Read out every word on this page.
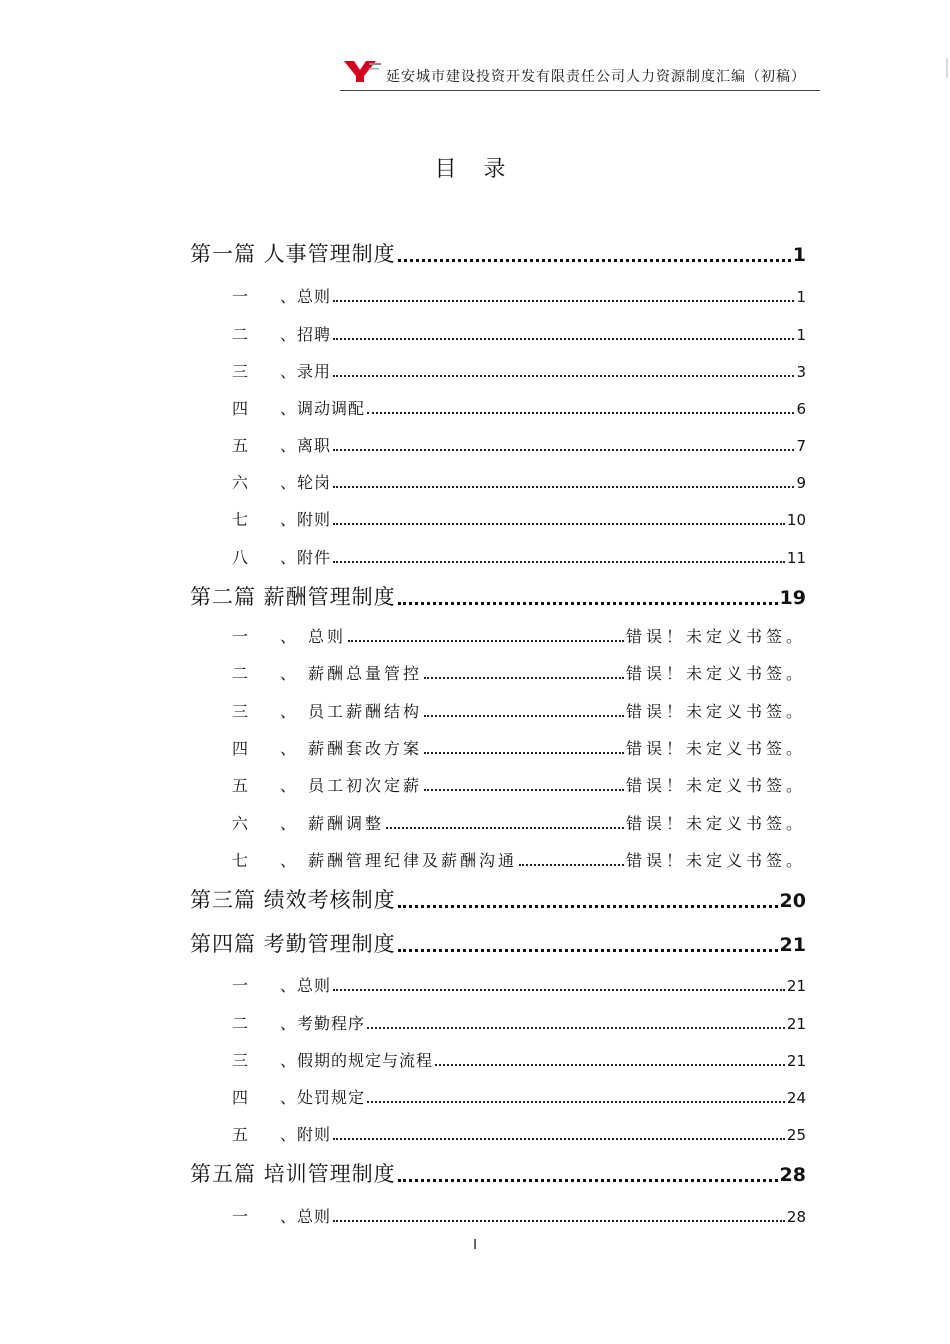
延安城市建设投资开发有限责任公司人力资源制度汇编（初稿）
目 录
第一篇 人事管理制度	1
一	、总则	1
二	、招聘	1
三	、录用	3
四	、调动调配	6
五	、离职	7
六	、轮岗	9
七	、附则	10
八	、附件	11
第二篇 薪酬管理制度	19
一	、 总则	错误！未定义书签。
二	、 薪酬总量管控	错误！未定义书签。
三	、 员工薪酬结构	错误！未定义书签。
四	、 薪酬套改方案	错误！未定义书签。
五	、 员工初次定薪	错误！未定义书签。
六	、 薪酬调整	错误！未定义书签。
七	、 薪酬管理纪律及薪酬沟通	错误！未定义书签。
第三篇 绩效考核制度	20
第四篇 考勤管理制度	21
一	、总则	21
二	、考勤程序	21
三	、假期的规定与流程	21
四	、处罚规定	24
五	、附则	25
第五篇 培训管理制度	28
一	、总则	28
I
